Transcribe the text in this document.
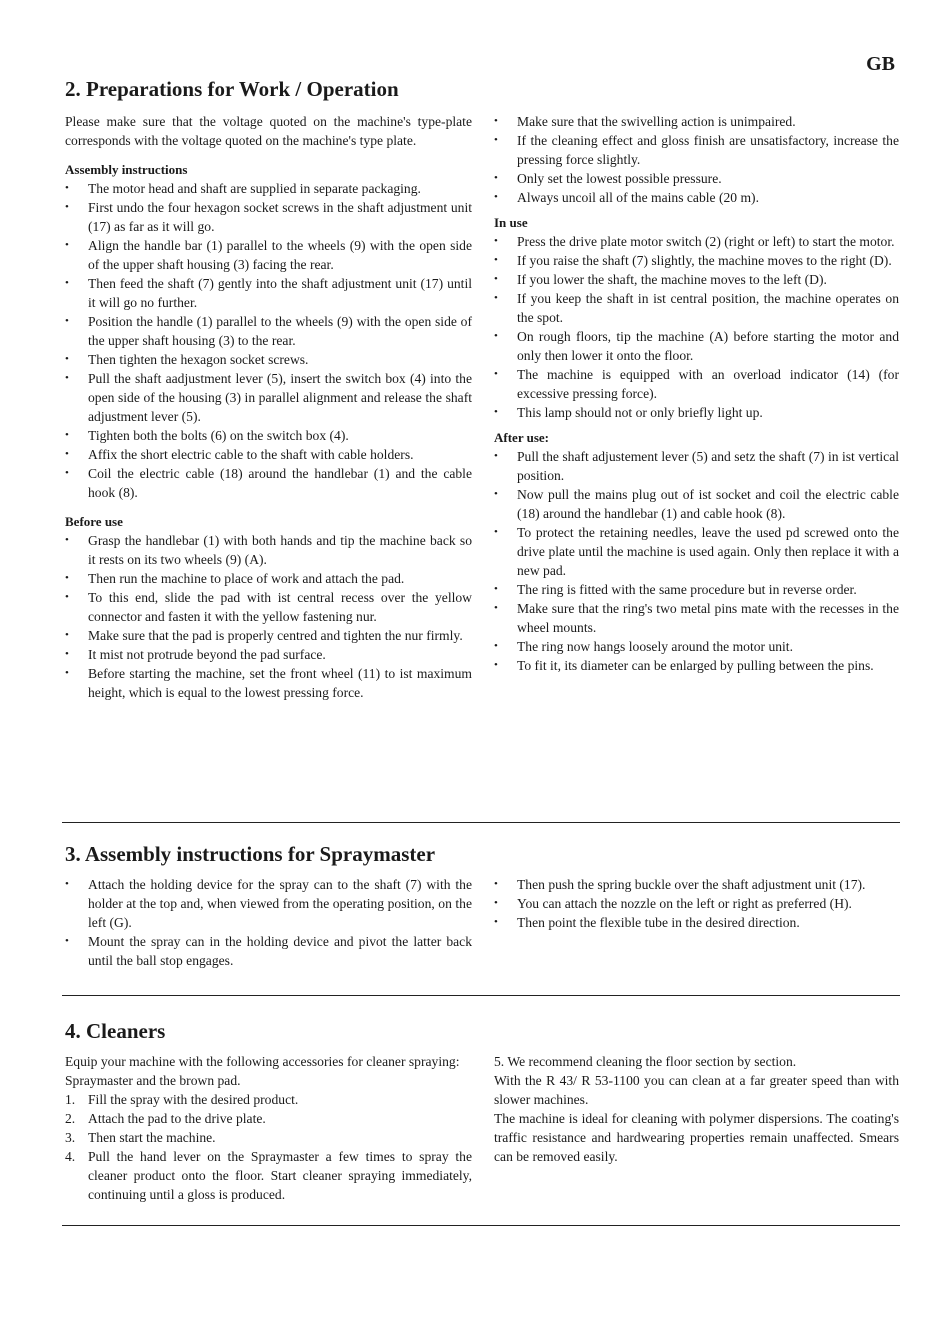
GB
2. Preparations for Work / Operation

Please make sure that the voltage quoted on the machine's type-plate corresponds with the voltage quoted on the machine's type plate.

Assembly instructions
• The motor head and shaft are supplied in separate packaging.
• First undo the four hexagon socket screws in the shaft adjustment unit (17) as far as it will go.
• Align the handle bar (1) parallel to the wheels (9) with the open side of the upper shaft housing (3) facing the rear.
• Then feed the shaft (7) gently into the shaft adjustment unit (17) until it will go no further.
• Position the handle (1) parallel to the wheels (9) with the open side of the upper shaft housing (3) to the rear.
• Then tighten the hexagon socket screws.
• Pull the shaft aadjustment lever (5), insert the switch box (4) into the open side of the housing (3) in parallel alignment and release the shaft adjustment lever (5).
• Tighten both the bolts (6) on the switch box (4).
• Affix the short electric cable to the shaft with cable holders.
• Coil the electric cable (18) around the handlebar (1) and the cable hook (8).
Before use
• Grasp the handlebar (1) with both hands and tip the machine back so it rests on its two wheels (9) (A).
• Then run the machine to place of work and attach the pad.
• To this end, slide the pad with ist central recess over the yellow connector and fasten it with the yellow fastening nur.
• Make sure that the pad is properly centred and tighten the nur firmly.
• It mist not protrude beyond the pad surface.
• Before starting the machine, set the front wheel (11) to ist maximum height, which is equal to the lowest pressing force.
• Make sure that the swivelling action is unimpaired.
• If the cleaning effect and gloss finish are unsatisfactory, increase the pressing force slightly.
• Only set the lowest possible pressure.
• Always uncoil all of the mains cable (20 m).
In use
• Press the drive plate motor switch (2) (right or left) to start the motor.
• If you raise the shaft (7) slightly, the machine moves to the right (D).
• If you lower the shaft, the machine moves to the left (D).
• If you keep the shaft in ist central position, the machine operates on the spot.
• On rough floors, tip the machine (A) before starting the motor and only then lower it onto the floor.
• The machine is equipped with an overload indicator (14) (for excessive pressing force).
• This lamp should not or only briefly light up.
After use:
• Pull the shaft adjustement lever (5) and setz the shaft (7) in ist vertical position.
• Now pull the mains plug out of ist socket and coil the electric cable (18) around the handlebar (1) and cable hook (8).
• To protect the retaining needles, leave the used pd screwed onto the drive plate until the machine is used again. Only then replace it with a new pad.
• The ring is fitted with the same procedure but in reverse order.
• Make sure that the ring's two metal pins mate with the recesses in the wheel mounts.
• The ring now hangs loosely around the motor unit.
• To fit it, its diameter can be enlarged by pulling between the pins.
3. Assembly instructions for Spraymaster
• Attach the holding device for the spray can to the shaft (7) with the holder at the top and, when viewed from the operating position, on the left (G).
• Mount the spray can in the holding device and pivot the latter back until the ball stop engages.
• Then push the spring buckle over the shaft adjustment unit (17).
• You can attach the nozzle on the left or right as preferred (H).
• Then point the flexible tube in the desired direction.
4. Cleaners

Equip your machine with the following accessories for cleaner spraying:

Spraymaster and the brown pad.

1. Fill the spray with the desired product.
2. Attach the pad to the drive plate.
3. Then start the machine.
4. Pull the hand lever on the Spraymaster a few times to spray the cleaner product onto the floor. Start cleaner spraying immediately, continuing until a gloss is produced.

5. We recommend cleaning the floor section by section.

With the R 43/ R 53-1100 you can clean at a far greater speed than with slower machines.

The machine is ideal for cleaning with polymer dispersions. The coating's traffic resistance and hardwearing properties remain unaffected. Smears can be removed easily.
